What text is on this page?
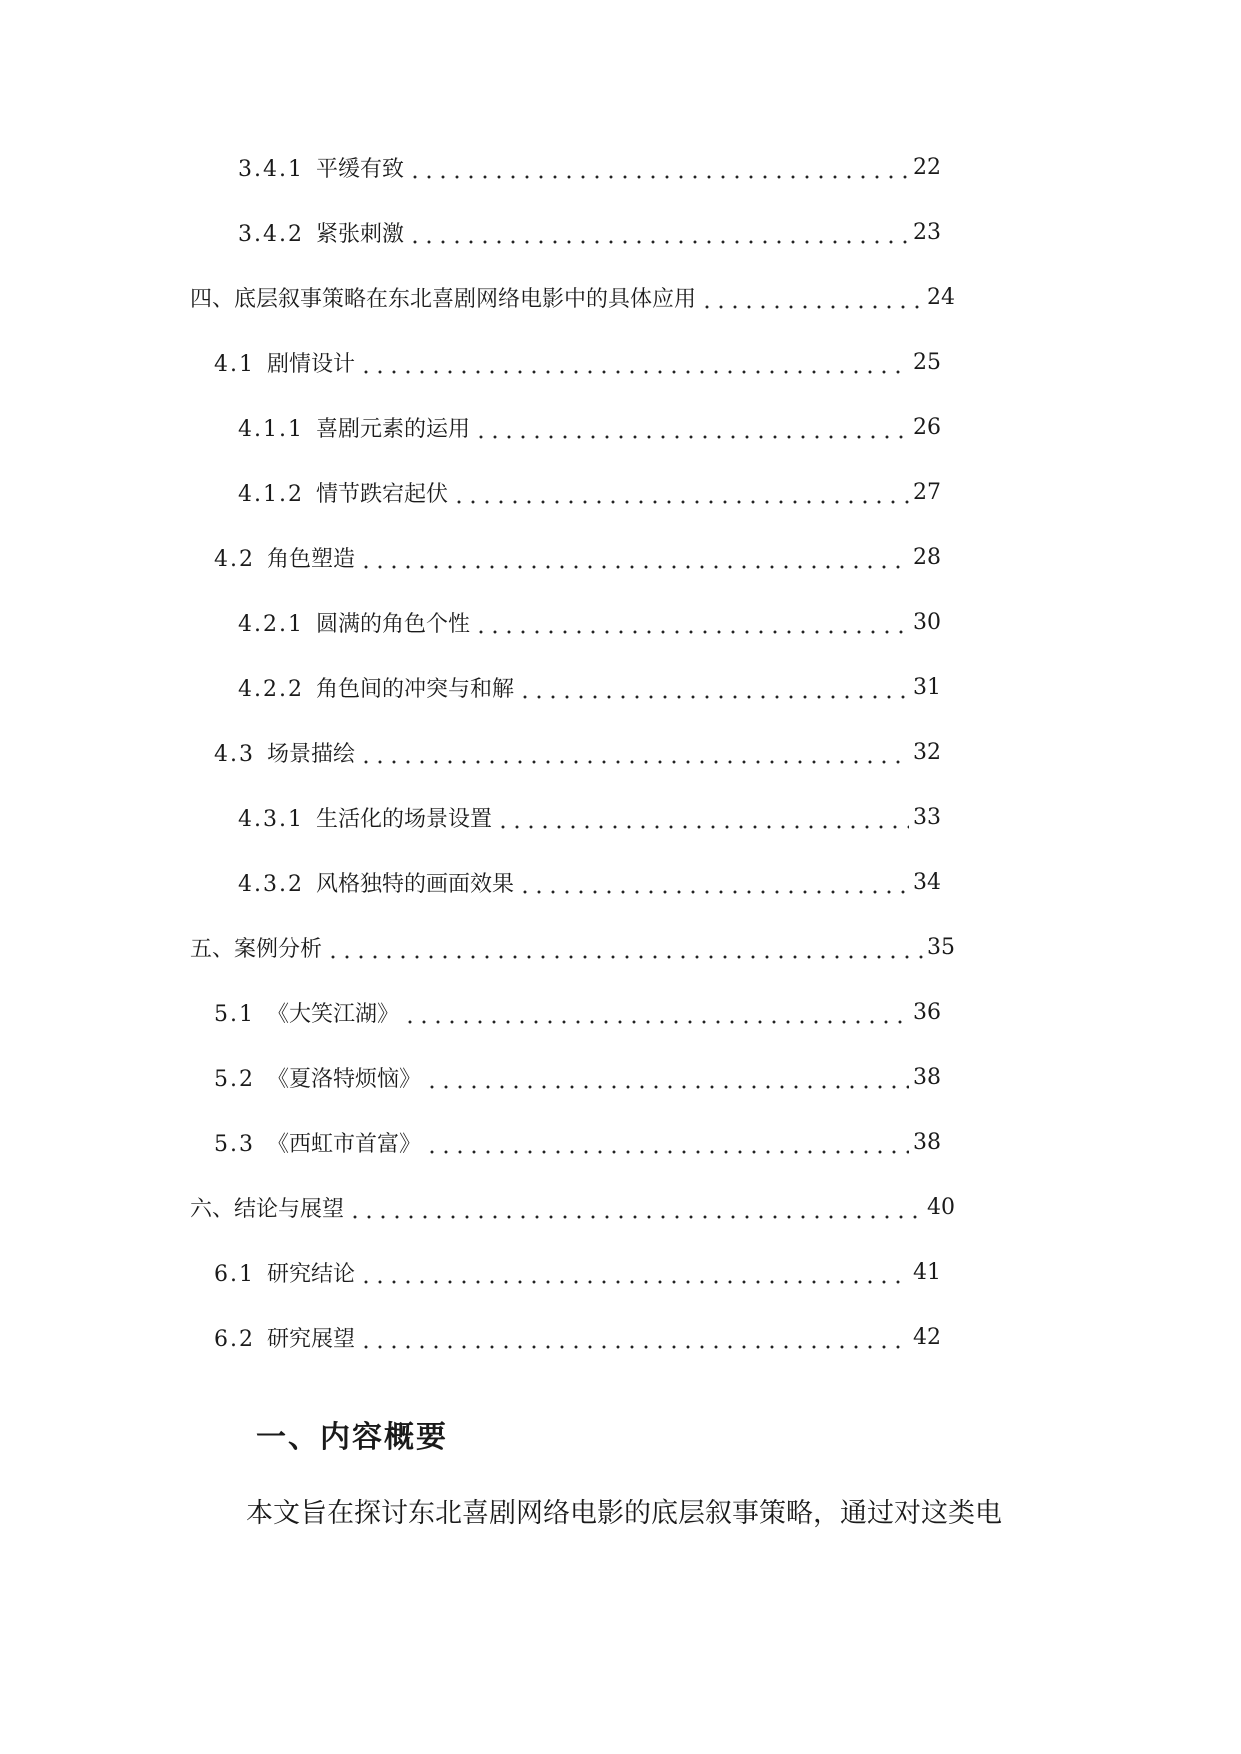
3.4.1 平缓有致	22
3.4.2 紧张刺激	23
四、底层叙事策略在东北喜剧网络电影中的具体应用	24
4.1 剧情设计	25
4.1.1 喜剧元素的运用	26
4.1.2 情节跌宕起伏	27
4.2 角色塑造	28
4.2.1 圆满的角色个性	30
4.2.2 角色间的冲突与和解	31
4.3 场景描绘	32
4.3.1 生活化的场景设置	33
4.3.2 风格独特的画面效果	34
五、案例分析	35
5.1 《大笑江湖》	36
5.2 《夏洛特烦恼》	38
5.3 《西虹市首富》	38
六、结论与展望	40
6.1 研究结论	41
6.2 研究展望	42
一、内容概要

本文旨在探讨东北喜剧网络电影的底层叙事策略，通过对这类电
